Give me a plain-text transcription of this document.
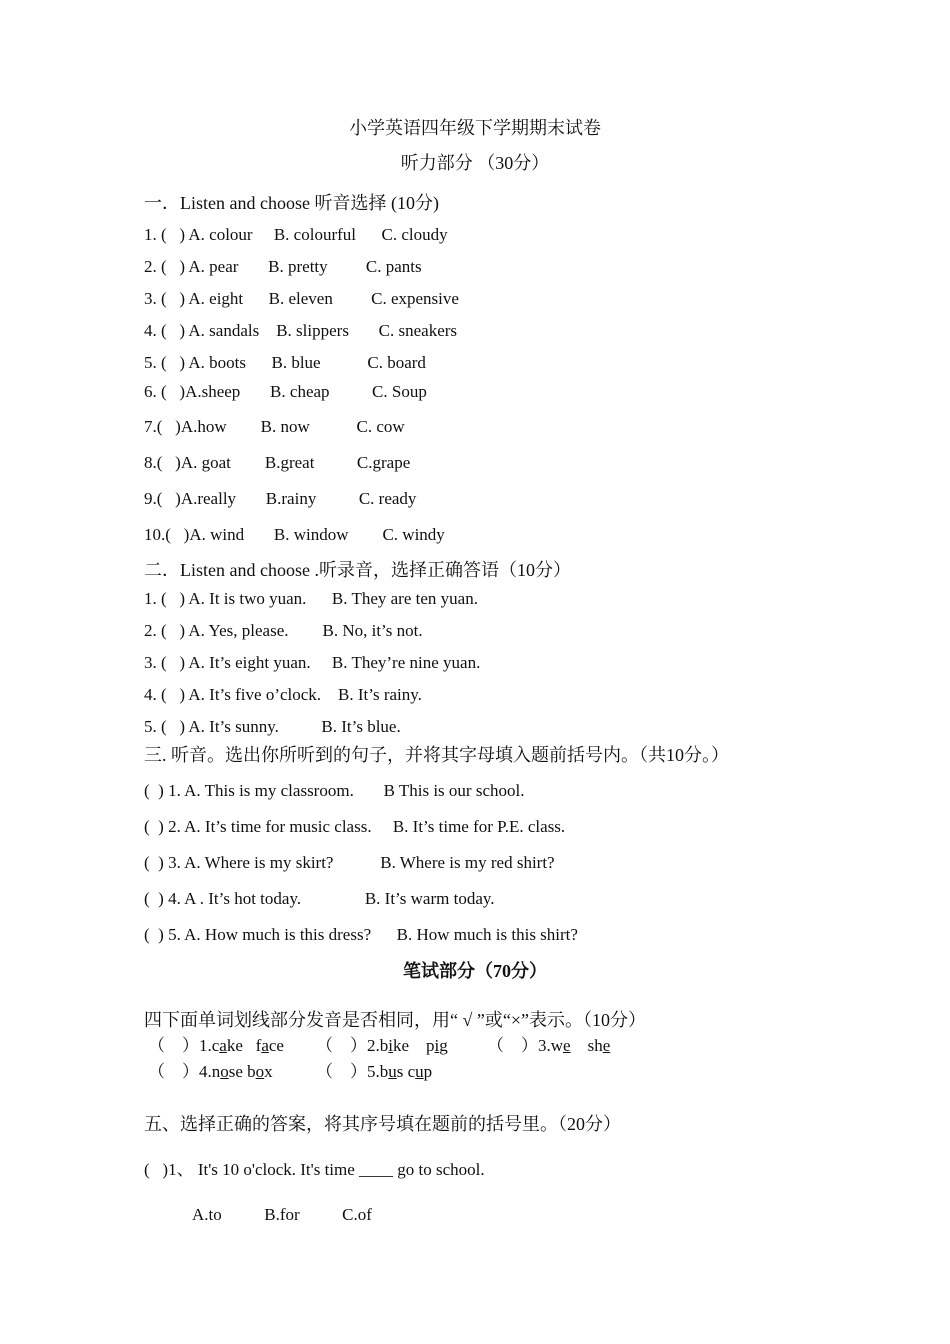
小学英语四年级下学期期末试卷
听力部分 （30分）
一．Listen and choose 听音选择 (10分)
1. (   ) A. colour     B. colourful      C. cloudy
2. (   ) A. pear       B. pretty         C. pants
3. (   ) A. eight      B. eleven         C. expensive
4. (   ) A. sandals    B. slippers       C. sneakers
5. (   ) A. boots      B. blue           C. board
6. (   )A.sheep       B. cheap          C. Soup
7.(   )A.how        B. now           C. cow
8.(   )A. goat        B.great          C.grape
9.(   )A.really       B.rainy          C. ready
10.(   )A. wind       B. window        C. windy
二．Listen and choose .听录音，选择正确答语（10分）
1. (   ) A. It is two yuan.      B. They are ten yuan.
2. (   ) A. Yes, please.        B. No, it’s not.
3. (   ) A. It’s eight yuan.     B. They’re nine yuan.
4. (   ) A. It’s five o’clock.    B. It’s rainy.
5. (   ) A. It’s sunny.          B. It’s blue.
三. 听音。选出你所听到的句子，并将其字母填入题前括号内。（共10分。）
(  ) 1. A. This is my classroom.       B This is our school.
(  ) 2. A. It’s time for music class.     B. It’s time for P.E. class.
(  ) 3. A. Where is my skirt?           B. Where is my red shirt?
(  ) 4. A . It’s hot today.               B. It’s warm today.
(  ) 5. A. How much is this dress?      B. How much is this shirt?
笔试部分（70分）
四下面单词划线部分发音是否相同，用“ √ ”或“×”表示。（10分）
（    ）1.cake   face （    ）2.bike    pig （    ）3.we    she
（    ）4.nose box	（    ）5.bus cup
五、选择正确的答案，将其序号填在题前的括号里。（20分）
(   )1、 It's 10 o'clock. It's time ____ go to school.
A.to          B.for          C.of
